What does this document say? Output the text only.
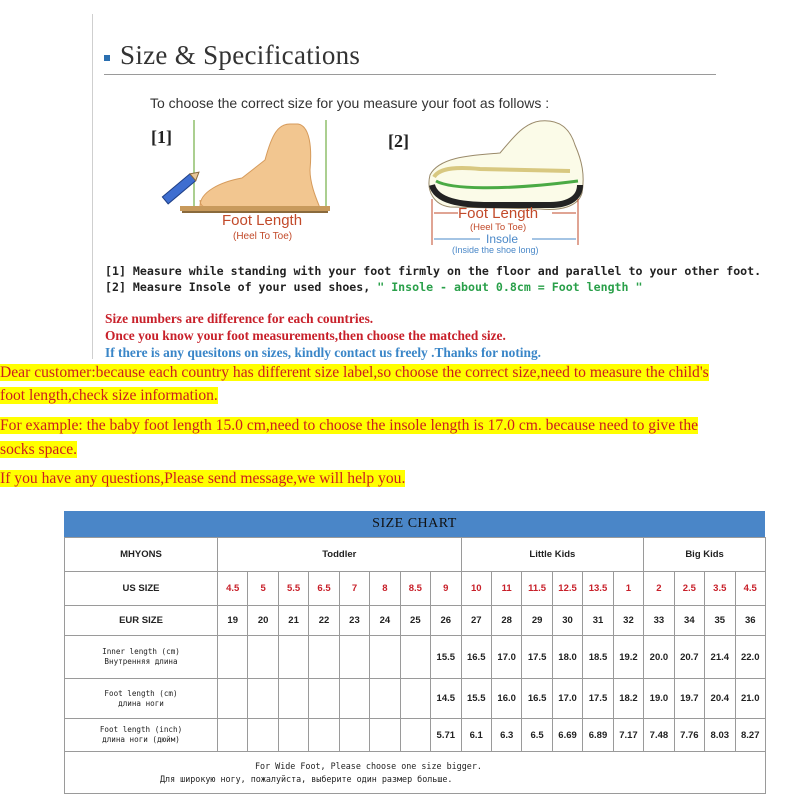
Size & Specifications
To choose the correct size for you measure your foot as follows :
[1]
Foot Length
(Heel To Toe)
[2]
Foot Length
(Heel To Toe)
Insole
(Inside the shoe long)
[1] Measure while standing with your foot firmly on the floor and parallel to your other foot.
[2] Measure Insole of your used shoes, " Insole - about 0.8cm = Foot length "
Size numbers are difference for each countries.
Once you know your foot measurements,then choose the matched size.
If there is any quesitons on sizes, kindly contact us freely .Thanks for noting.
Dear customer:because each country has different size label,so choose the correct size,need to measure the child's
foot length,check size information.
For example: the baby foot length 15.0 cm,need to choose the insole length is 17.0 cm. because need to give the
socks space.
If you have any questions,Please send message,we will help you.
SIZE CHART
MHYONS	Toddler								Little Kids						Big Kids			

US SIZE	4.5	5	5.5	6.5	7	8	8.5	9	10	11	11.5	12.5	13.5	1	2	2.5	3.5	4.5

EUR SIZE	19	20	21	22	23	24	25	26	27	28	29	30	31	32	33	34	35	36

Inner length (cm)
Внутренняя длина								15.5	16.5	17.0	17.5	18.0	18.5	19.2	20.0	20.7	21.4	22.0

Foot length (cm)
длина ноги								14.5	15.5	16.0	16.5	17.0	17.5	18.2	19.0	19.7	20.4	21.0

Foot length (inch)
длина ноги (дюйм)								5.71	6.1	6.3	6.5	6.69	6.89	7.17	7.48	7.76	8.03	8.27

For Wide Foot, Please choose one size bigger.
Для широкую ногу, пожалуйста, выберите один размер больше.																		
